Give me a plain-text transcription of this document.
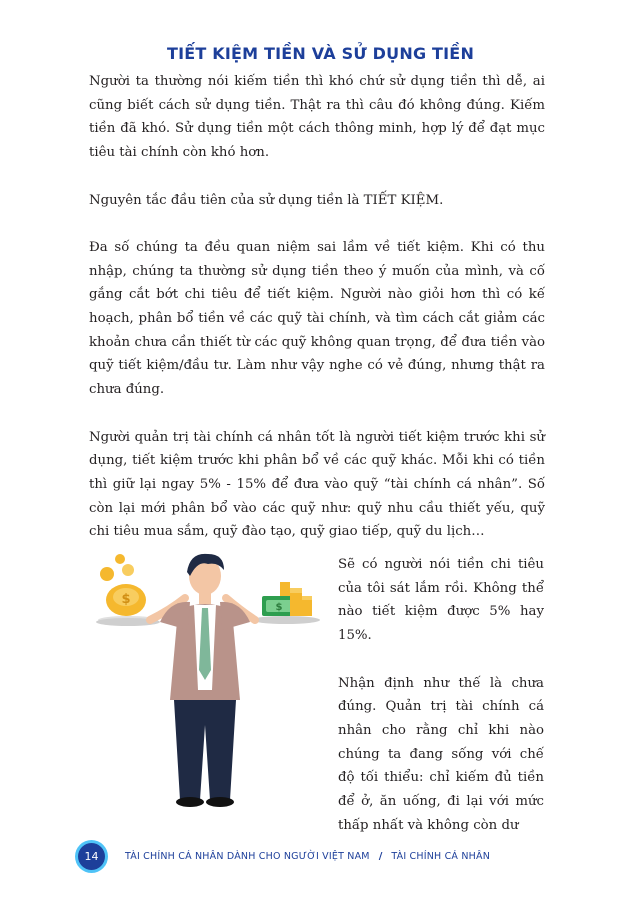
TIẾT KIỆM TIỀN VÀ SỬ DỤNG TIỀN

Người ta thường nói kiếm tiền thì khó chứ sử dụng tiền thì dễ, ai cũng biết cách sử dụng tiền. Thật ra thì câu đó không đúng. Kiếm tiền đã khó. Sử dụng tiền một cách thông minh, hợp lý để đạt mục tiêu tài chính còn khó hơn.

Nguyên tắc đầu tiên của sử dụng tiền là TIẾT KIỆM.

Đa số chúng ta đều quan niệm sai lầm về tiết kiệm. Khi có thu nhập, chúng ta thường sử dụng tiền theo ý muốn của mình, và cố gắng cắt bớt chi tiêu để tiết kiệm. Người nào giỏi hơn thì có kế hoạch, phân bổ tiền về các quỹ tài chính, và tìm cách cắt giảm các khoản chưa cần thiết từ các quỹ không quan trọng, để đưa tiền vào quỹ tiết kiệm/đầu tư. Làm như vậy nghe có vẻ đúng, nhưng thật ra chưa đúng.

Người quản trị tài chính cá nhân tốt là người tiết kiệm trước khi sử dụng, tiết kiệm trước khi phân bổ về các quỹ khác. Mỗi khi có tiền thì giữ lại ngay 5% - 15% để đưa vào quỹ “tài chính cá nhân”. Số còn lại mới phân bổ vào các quỹ như: quỹ nhu cầu thiết yếu, quỹ chi tiêu mua sắm, quỹ đào tạo, quỹ giao tiếp, quỹ du lịch…

$
$

Sẽ có người nói tiền chi tiêu của tôi sát lắm rồi. Không thể nào tiết kiệm được 5% hay 15%.

Nhận định như thế là chưa đúng. Quản trị tài chính cá nhân cho rằng chỉ khi nào chúng ta đang sống với chế độ tối thiểu: chỉ kiếm đủ tiền để ở, ăn uống, đi lại với mức thấp nhất và không còn dư

14	TÀI CHÍNH CÁ NHÂN DÀNH CHO NGƯỜI VIỆT NAM / TÀI CHÍNH CÁ NHÂN
